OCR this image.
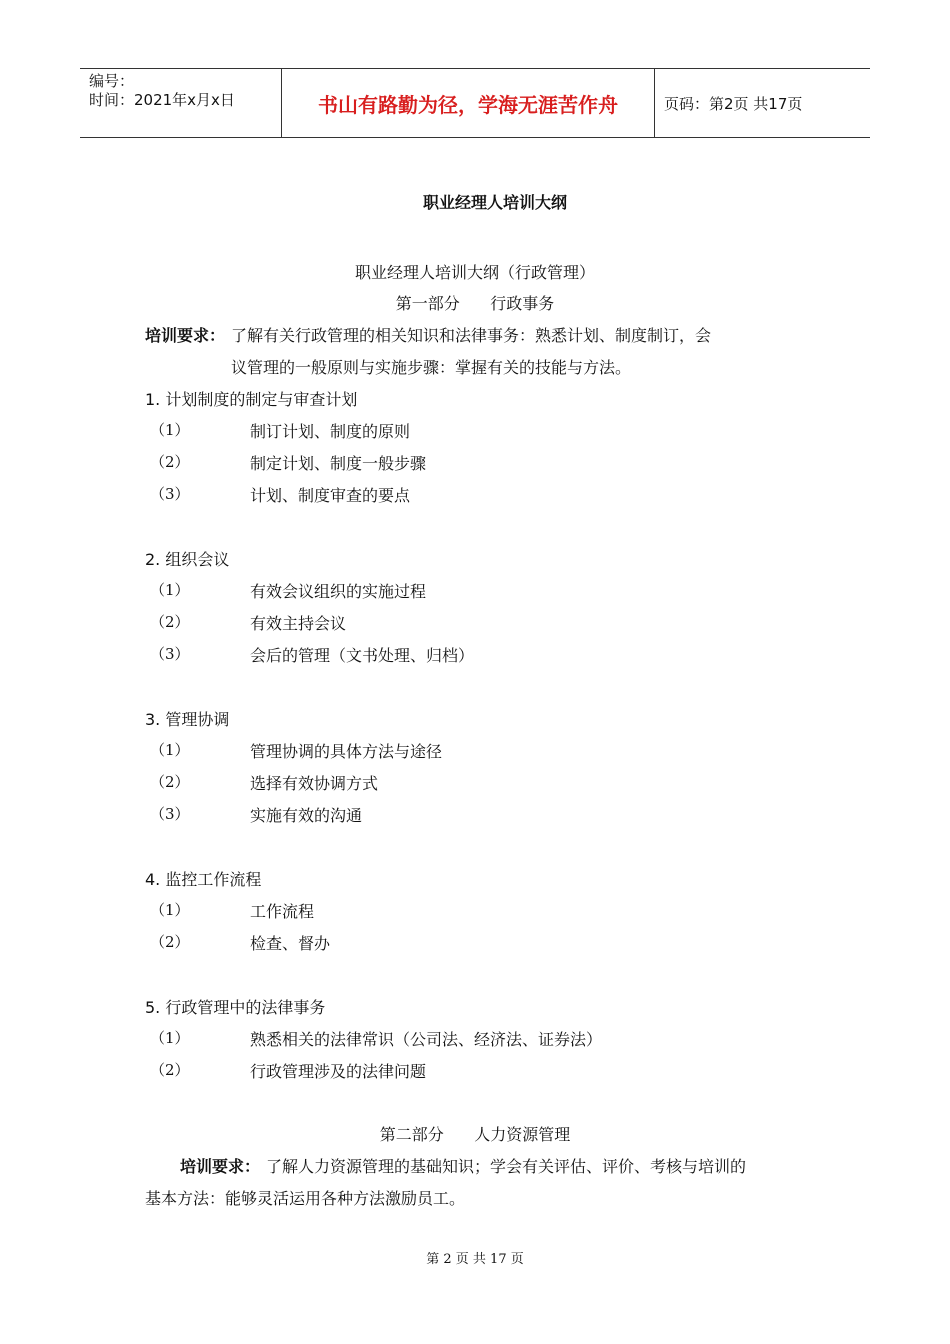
编号：
时间：2021年x月x日	书山有路勤为径，学海无涯苦作舟	页码：第2页 共17页
职业经理人培训大纲
职业经理人培训大纲（行政管理）
第一部分      行政事务
培训要求： 了解有关行政管理的相关知识和法律事务：熟悉计划、制度制订，会
议管理的一般原则与实施步骤：掌握有关的技能与方法。
1. 计划制度的制定与审查计划
（1）	制订计划、制度的原则
（2）	制定计划、制度一般步骤
（3）	计划、制度审查的要点
2. 组织会议
（1）	有效会议组织的实施过程
（2）	有效主持会议
（3）	会后的管理（文书处理、归档）
3. 管理协调
（1）	管理协调的具体方法与途径
（2）	选择有效协调方式
（3）	实施有效的沟通
4. 监控工作流程
（1）	工作流程
（2）	检查、督办
5. 行政管理中的法律事务
（1）	熟悉相关的法律常识（公司法、经济法、证券法）
（2）	行政管理涉及的法律问题
第二部分      人力资源管理
培训要求： 了解人力资源管理的基础知识；学会有关评估、评价、考核与培训的
基本方法：能够灵活运用各种方法激励员工。
第 2 页 共 17 页
